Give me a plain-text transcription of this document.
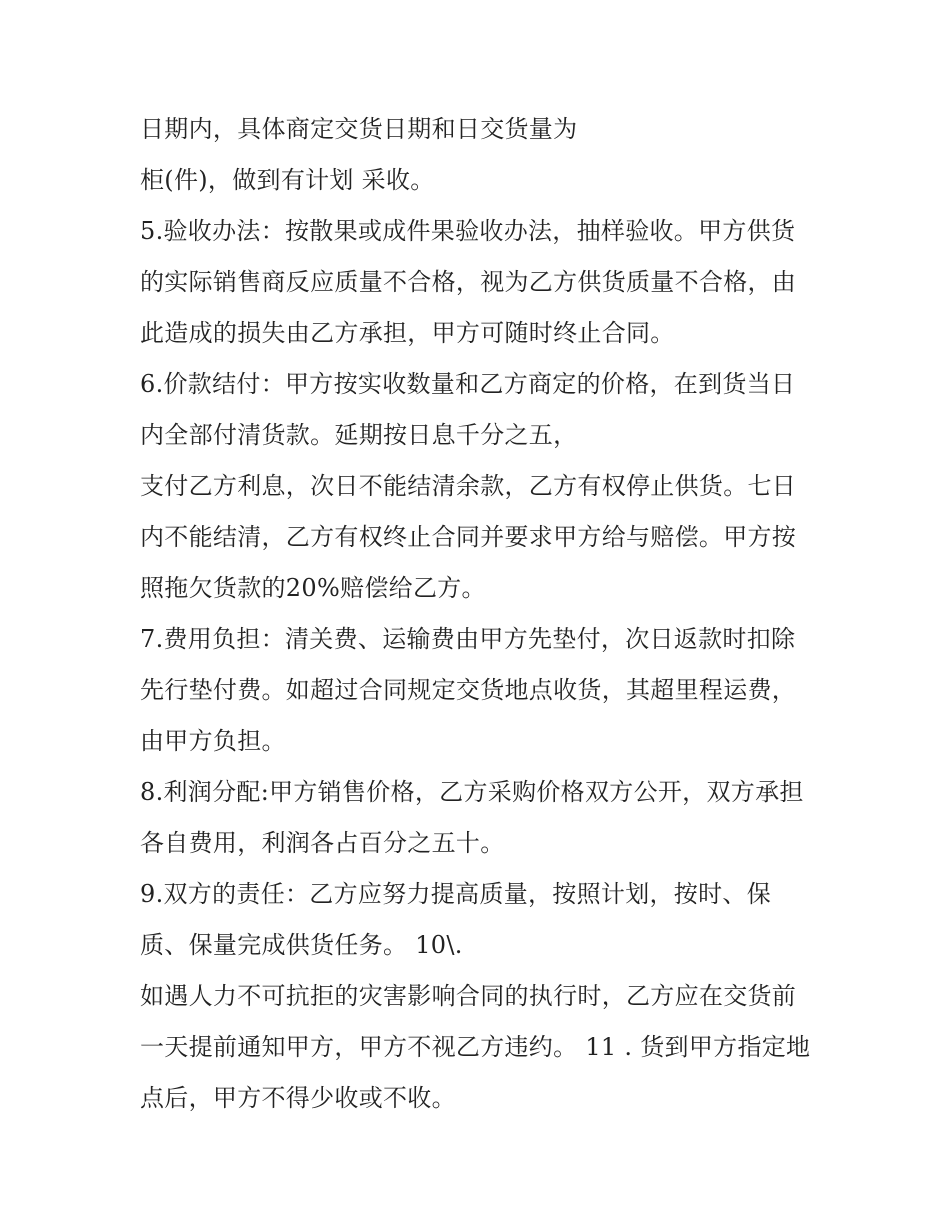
日期内，具体商定交货日期和日交货量为
柜(件)，做到有计划 采收。
5.验收办法：按散果或成件果验收办法，抽样验收。甲方供货
的实际销售商反应质量不合格，视为乙方供货质量不合格，由
此造成的损失由乙方承担，甲方可随时终止合同。
6.价款结付：甲方按实收数量和乙方商定的价格，在到货当日
内全部付清货款。延期按日息千分之五，
支付乙方利息，次日不能结清余款，乙方有权停止供货。七日
内不能结清，乙方有权终止合同并要求甲方给与赔偿。甲方按
照拖欠货款的20%赔偿给乙方。
7.费用负担：清关费、运输费由甲方先垫付，次日返款时扣除
先行垫付费。如超过合同规定交货地点收货，其超里程运费，
由甲方负担。
8.利润分配:甲方销售价格，乙方采购价格双方公开，双方承担
各自费用，利润各占百分之五十。
9.双方的责任：乙方应努力提高质量，按照计划，按时、保
质、保量完成供货任务。 10\.
如遇人力不可抗拒的灾害影响合同的执行时，乙方应在交货前
一天提前通知甲方，甲方不视乙方违约。 11 . 货到甲方指定地
点后，甲方不得少收或不收。
